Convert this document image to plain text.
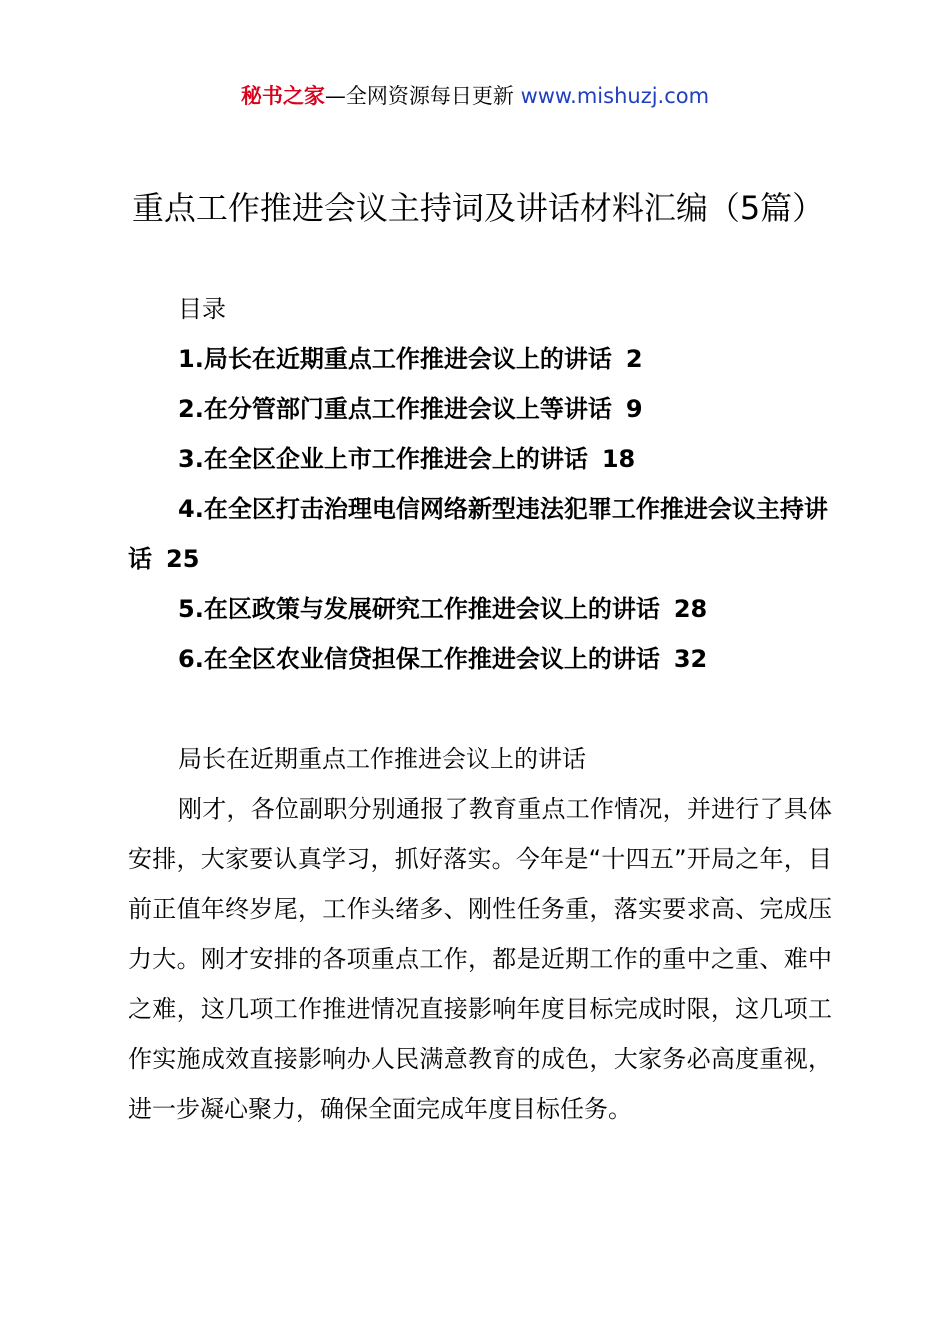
秘书之家—全网资源每日更新 www.mishuzj.com
重点工作推进会议主持词及讲话材料汇编（5篇）
目录
1.局长在近期重点工作推进会议上的讲话 2
2.在分管部门重点工作推进会议上等讲话 9
3.在全区企业上市工作推进会上的讲话 18
4.在全区打击治理电信网络新型违法犯罪工作推进会议主持讲话 25
5.在区政策与发展研究工作推进会议上的讲话 28
6.在全区农业信贷担保工作推进会议上的讲话 32
局长在近期重点工作推进会议上的讲话

刚才，各位副职分别通报了教育重点工作情况，并进行了具体安排，大家要认真学习，抓好落实。今年是“十四五”开局之年，目前正值年终岁尾，工作头绪多、刚性任务重，落实要求高、完成压力大。刚才安排的各项重点工作，都是近期工作的重中之重、难中之难，这几项工作推进情况直接影响年度目标完成时限，这几项工作实施成效直接影响办人民满意教育的成色，大家务必高度重视，进一步凝心聚力，确保全面完成年度目标任务。
